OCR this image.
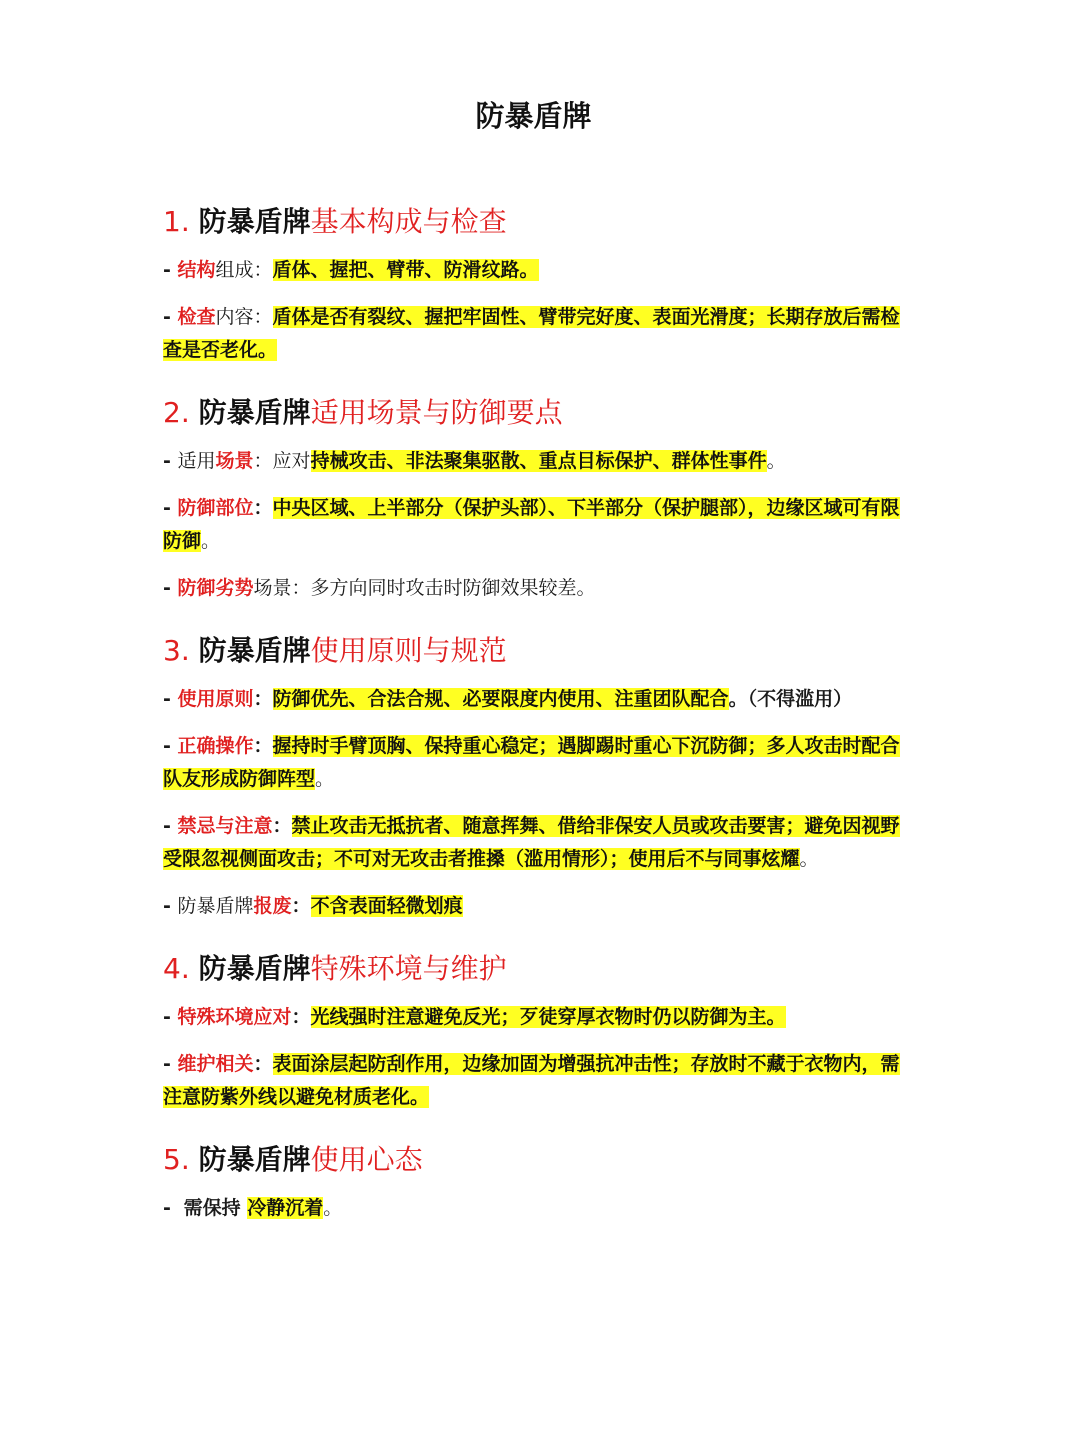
防暴盾牌
1. 防暴盾牌基本构成与检查

- 结构组成：盾体、握把、臂带、防滑纹路。

- 检查内容：盾体是否有裂纹、握把牢固性、臂带完好度、表面光滑度；长期存放后需检查是否老化。

2. 防暴盾牌适用场景与防御要点

- 适用场景：应对持械攻击、非法聚集驱散、重点目标保护、群体性事件。

- 防御部位：中央区域、上半部分（保护头部）、下半部分（保护腿部），边缘区域可有限防御。

- 防御劣势场景：多方向同时攻击时防御效果较差。

3. 防暴盾牌使用原则与规范

- 使用原则：防御优先、合法合规、必要限度内使用、注重团队配合。（不得滥用）

- 正确操作：握持时手臂顶胸、保持重心稳定；遇脚踢时重心下沉防御；多人攻击时配合队友形成防御阵型。

- 禁忌与注意：禁止攻击无抵抗者、随意挥舞、借给非保安人员或攻击要害；避免因视野受限忽视侧面攻击；不可对无攻击者推搡（滥用情形）；使用后不与同事炫耀。

- 防暴盾牌报废：不含表面轻微划痕

4. 防暴盾牌特殊环境与维护

- 特殊环境应对：光线强时注意避免反光；歹徒穿厚衣物时仍以防御为主。

- 维护相关：表面涂层起防刮作用，边缘加固为增强抗冲击性；存放时不藏于衣物内，需注意防紫外线以避免材质老化。

5. 防暴盾牌使用心态

-  需保持 冷静沉着。
